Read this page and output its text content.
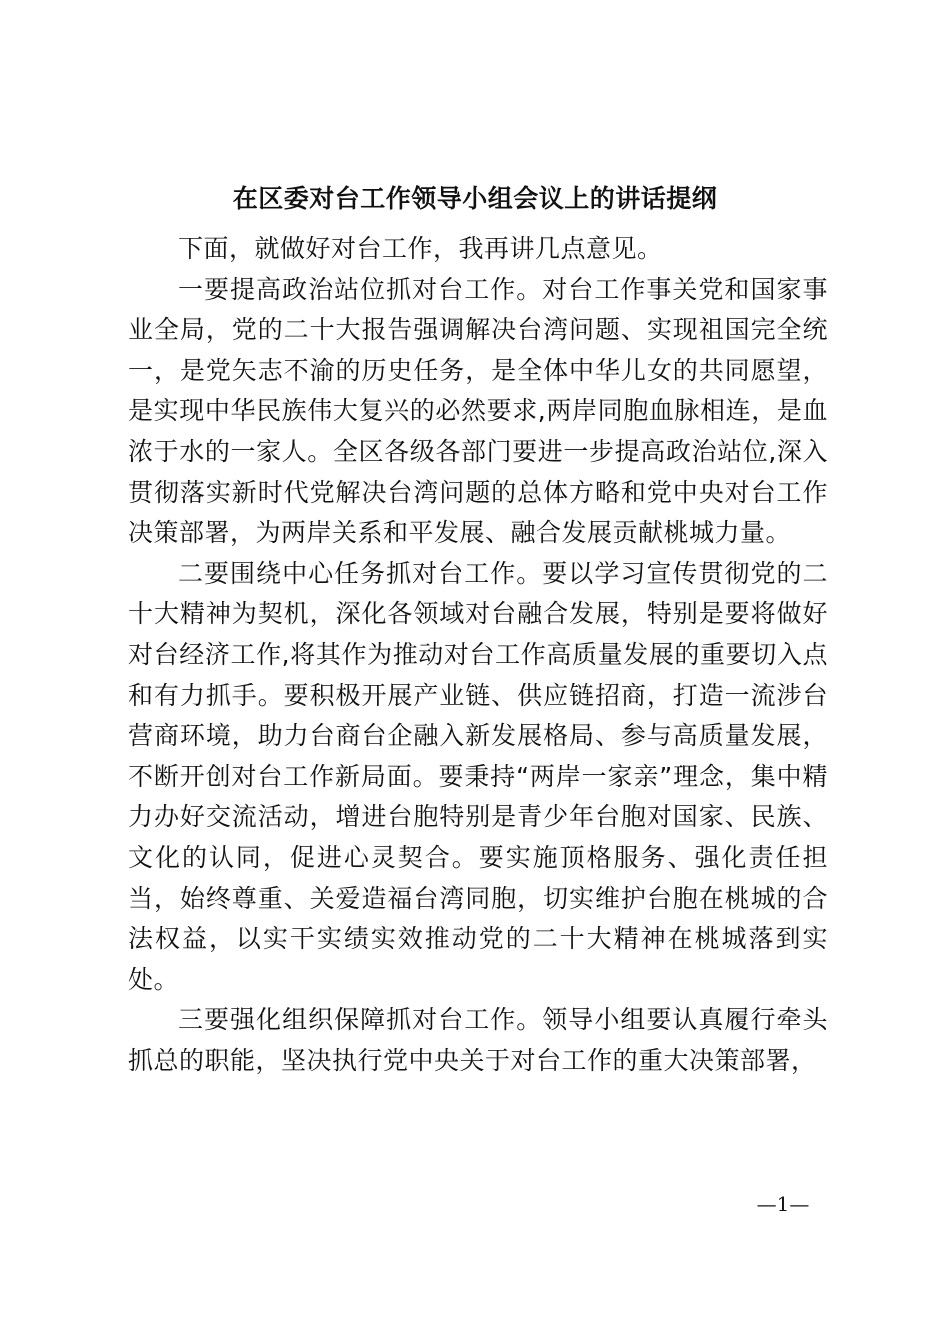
在区委对台工作领导小组会议上的讲话提纲

下面，就做好对台工作，我再讲几点意见。

一要提高政治站位抓对台工作。对台工作事关党和国家事业全局，党的二十大报告强调解决台湾问题、实现祖国完全统一，是党矢志不渝的历史任务，是全体中华儿女的共同愿望，是实现中华民族伟大复兴的必然要求,两岸同胞血脉相连，是血浓于水的一家人。全区各级各部门要进一步提高政治站位,深入贯彻落实新时代党解决台湾问题的总体方略和党中央对台工作决策部署，为两岸关系和平发展、融合发展贡献桃城力量。

二要围绕中心任务抓对台工作。要以学习宣传贯彻党的二十大精神为契机，深化各领域对台融合发展，特别是要将做好对台经济工作,将其作为推动对台工作高质量发展的重要切入点和有力抓手。要积极开展产业链、供应链招商，打造一流涉台营商环境，助力台商台企融入新发展格局、参与高质量发展，不断开创对台工作新局面。要秉持“两岸一家亲”理念，集中精力办好交流活动，增进台胞特别是青少年台胞对国家、民族、文化的认同，促进心灵契合。要实施顶格服务、强化责任担当，始终尊重、关爱造福台湾同胞，切实维护台胞在桃城的合法权益，以实干实绩实效推动党的二十大精神在桃城落到实处。

三要强化组织保障抓对台工作。领导小组要认真履行牵头抓总的职能，坚决执行党中央关于对台工作的重大决策部署，

—1—
